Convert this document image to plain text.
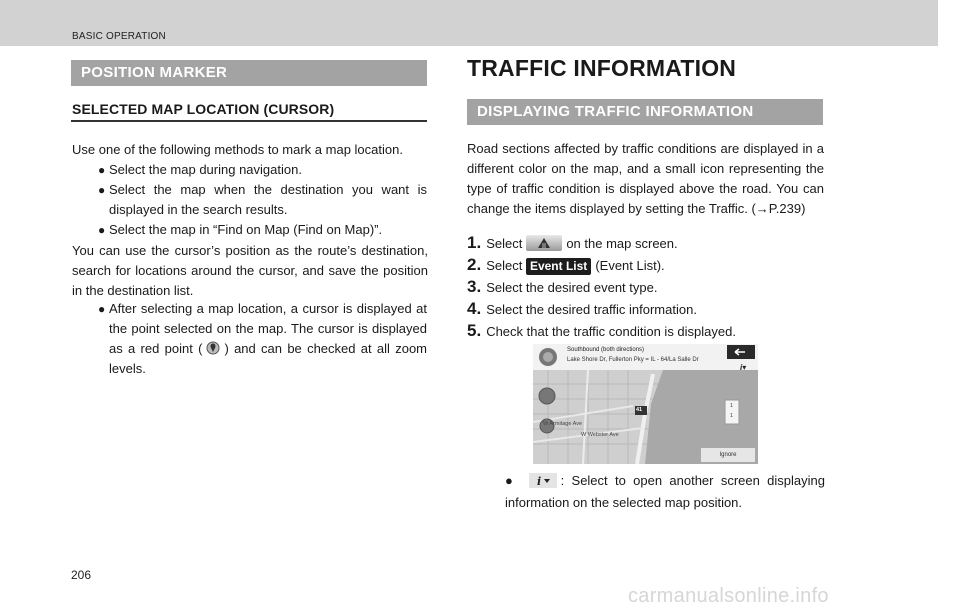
BASIC OPERATION
POSITION MARKER
SELECTED MAP LOCATION (CURSOR)
Use one of the following methods to mark a map location.
● Select the map during navigation.
● Select the map when the destination you want is displayed in the search results.
● Select the map in “Find on Map (Find on Map)”.
You can use the cursor’s position as the route’s destination, search for locations around the cursor, and save the position in the destination list.
● After selecting a map location, a cursor is displayed at the point selected on the map. The cursor is displayed as a red point ( ) and can be checked at all zoom levels.
TRAFFIC INFORMATION
DISPLAYING TRAFFIC INFORMATION
Road sections affected by traffic conditions are displayed in a different color on the map, and a small icon representing the type of traffic condition is displayed above the road. You can change the items displayed by setting the Traffic. (→P.239)
1. Select	on the map screen.
2. Select Event List (Event List).
3. Select the desired event type.
4. Select the desired traffic information.
5. Check that the traffic condition is displayed.
Southbound (both directions)
Lake Shore Dr, Fullerton Pky = IL - 64/La Salle Dr
i▾
W Armitage Ave
W Webster Ave
41
1
1
Ignore
● i : Select to open another screen displaying information on the selected map position.
206
carmanualsonline.info
